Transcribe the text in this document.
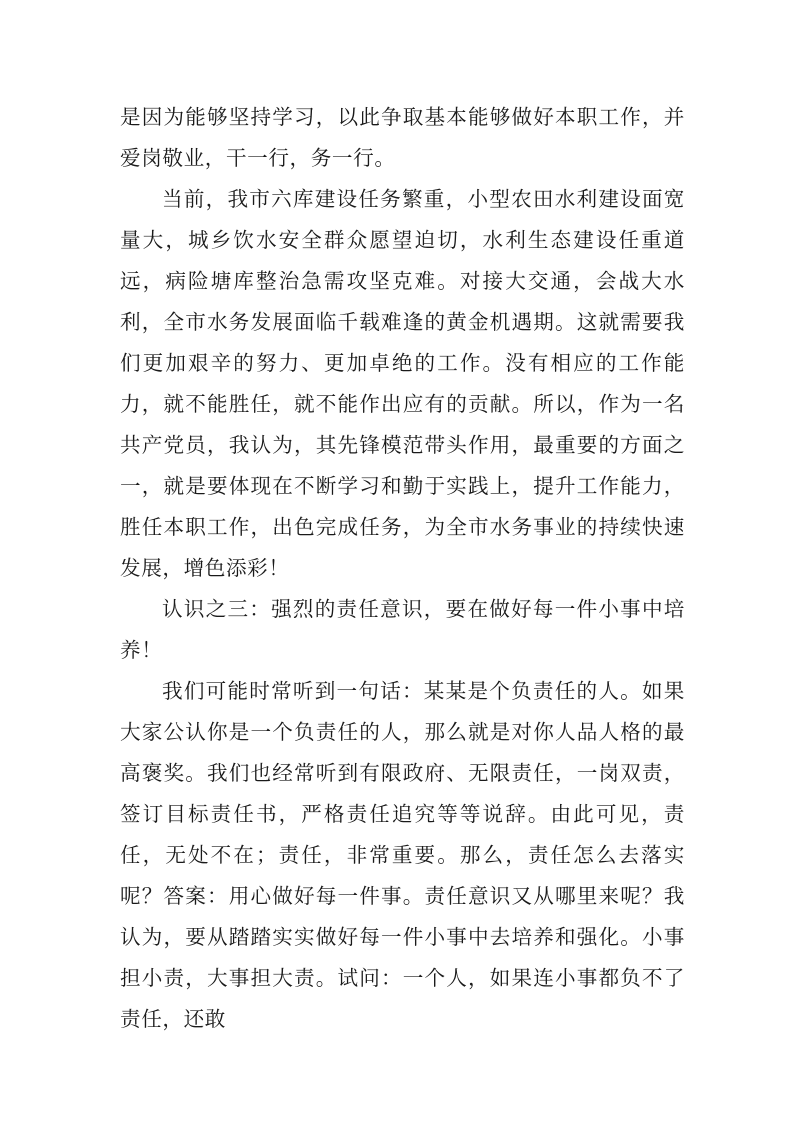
是因为能够坚持学习，以此争取基本能够做好本职工作，并爱岗敬业，干一行，务一行。

当前，我市六库建设任务繁重，小型农田水利建设面宽量大，城乡饮水安全群众愿望迫切，水利生态建设任重道远，病险塘库整治急需攻坚克难。对接大交通，会战大水利，全市水务发展面临千载难逢的黄金机遇期。这就需要我们更加艰辛的努力、更加卓绝的工作。没有相应的工作能力，就不能胜任，就不能作出应有的贡献。所以，作为一名共产党员，我认为，其先锋模范带头作用，最重要的方面之一，就是要体现在不断学习和勤于实践上，提升工作能力，胜任本职工作，出色完成任务，为全市水务事业的持续快速发展，增色添彩！

认识之三：强烈的责任意识，要在做好每一件小事中培养！

我们可能时常听到一句话：某某是个负责任的人。如果大家公认你是一个负责任的人，那么就是对你人品人格的最高褒奖。我们也经常听到有限政府、无限责任，一岗双责，签订目标责任书，严格责任追究等等说辞。由此可见，责任，无处不在；责任，非常重要。那么，责任怎么去落实呢？答案：用心做好每一件事。责任意识又从哪里来呢？我认为，要从踏踏实实做好每一件小事中去培养和强化。小事担小责，大事担大责。试问：一个人，如果连小事都负不了责任，还敢
